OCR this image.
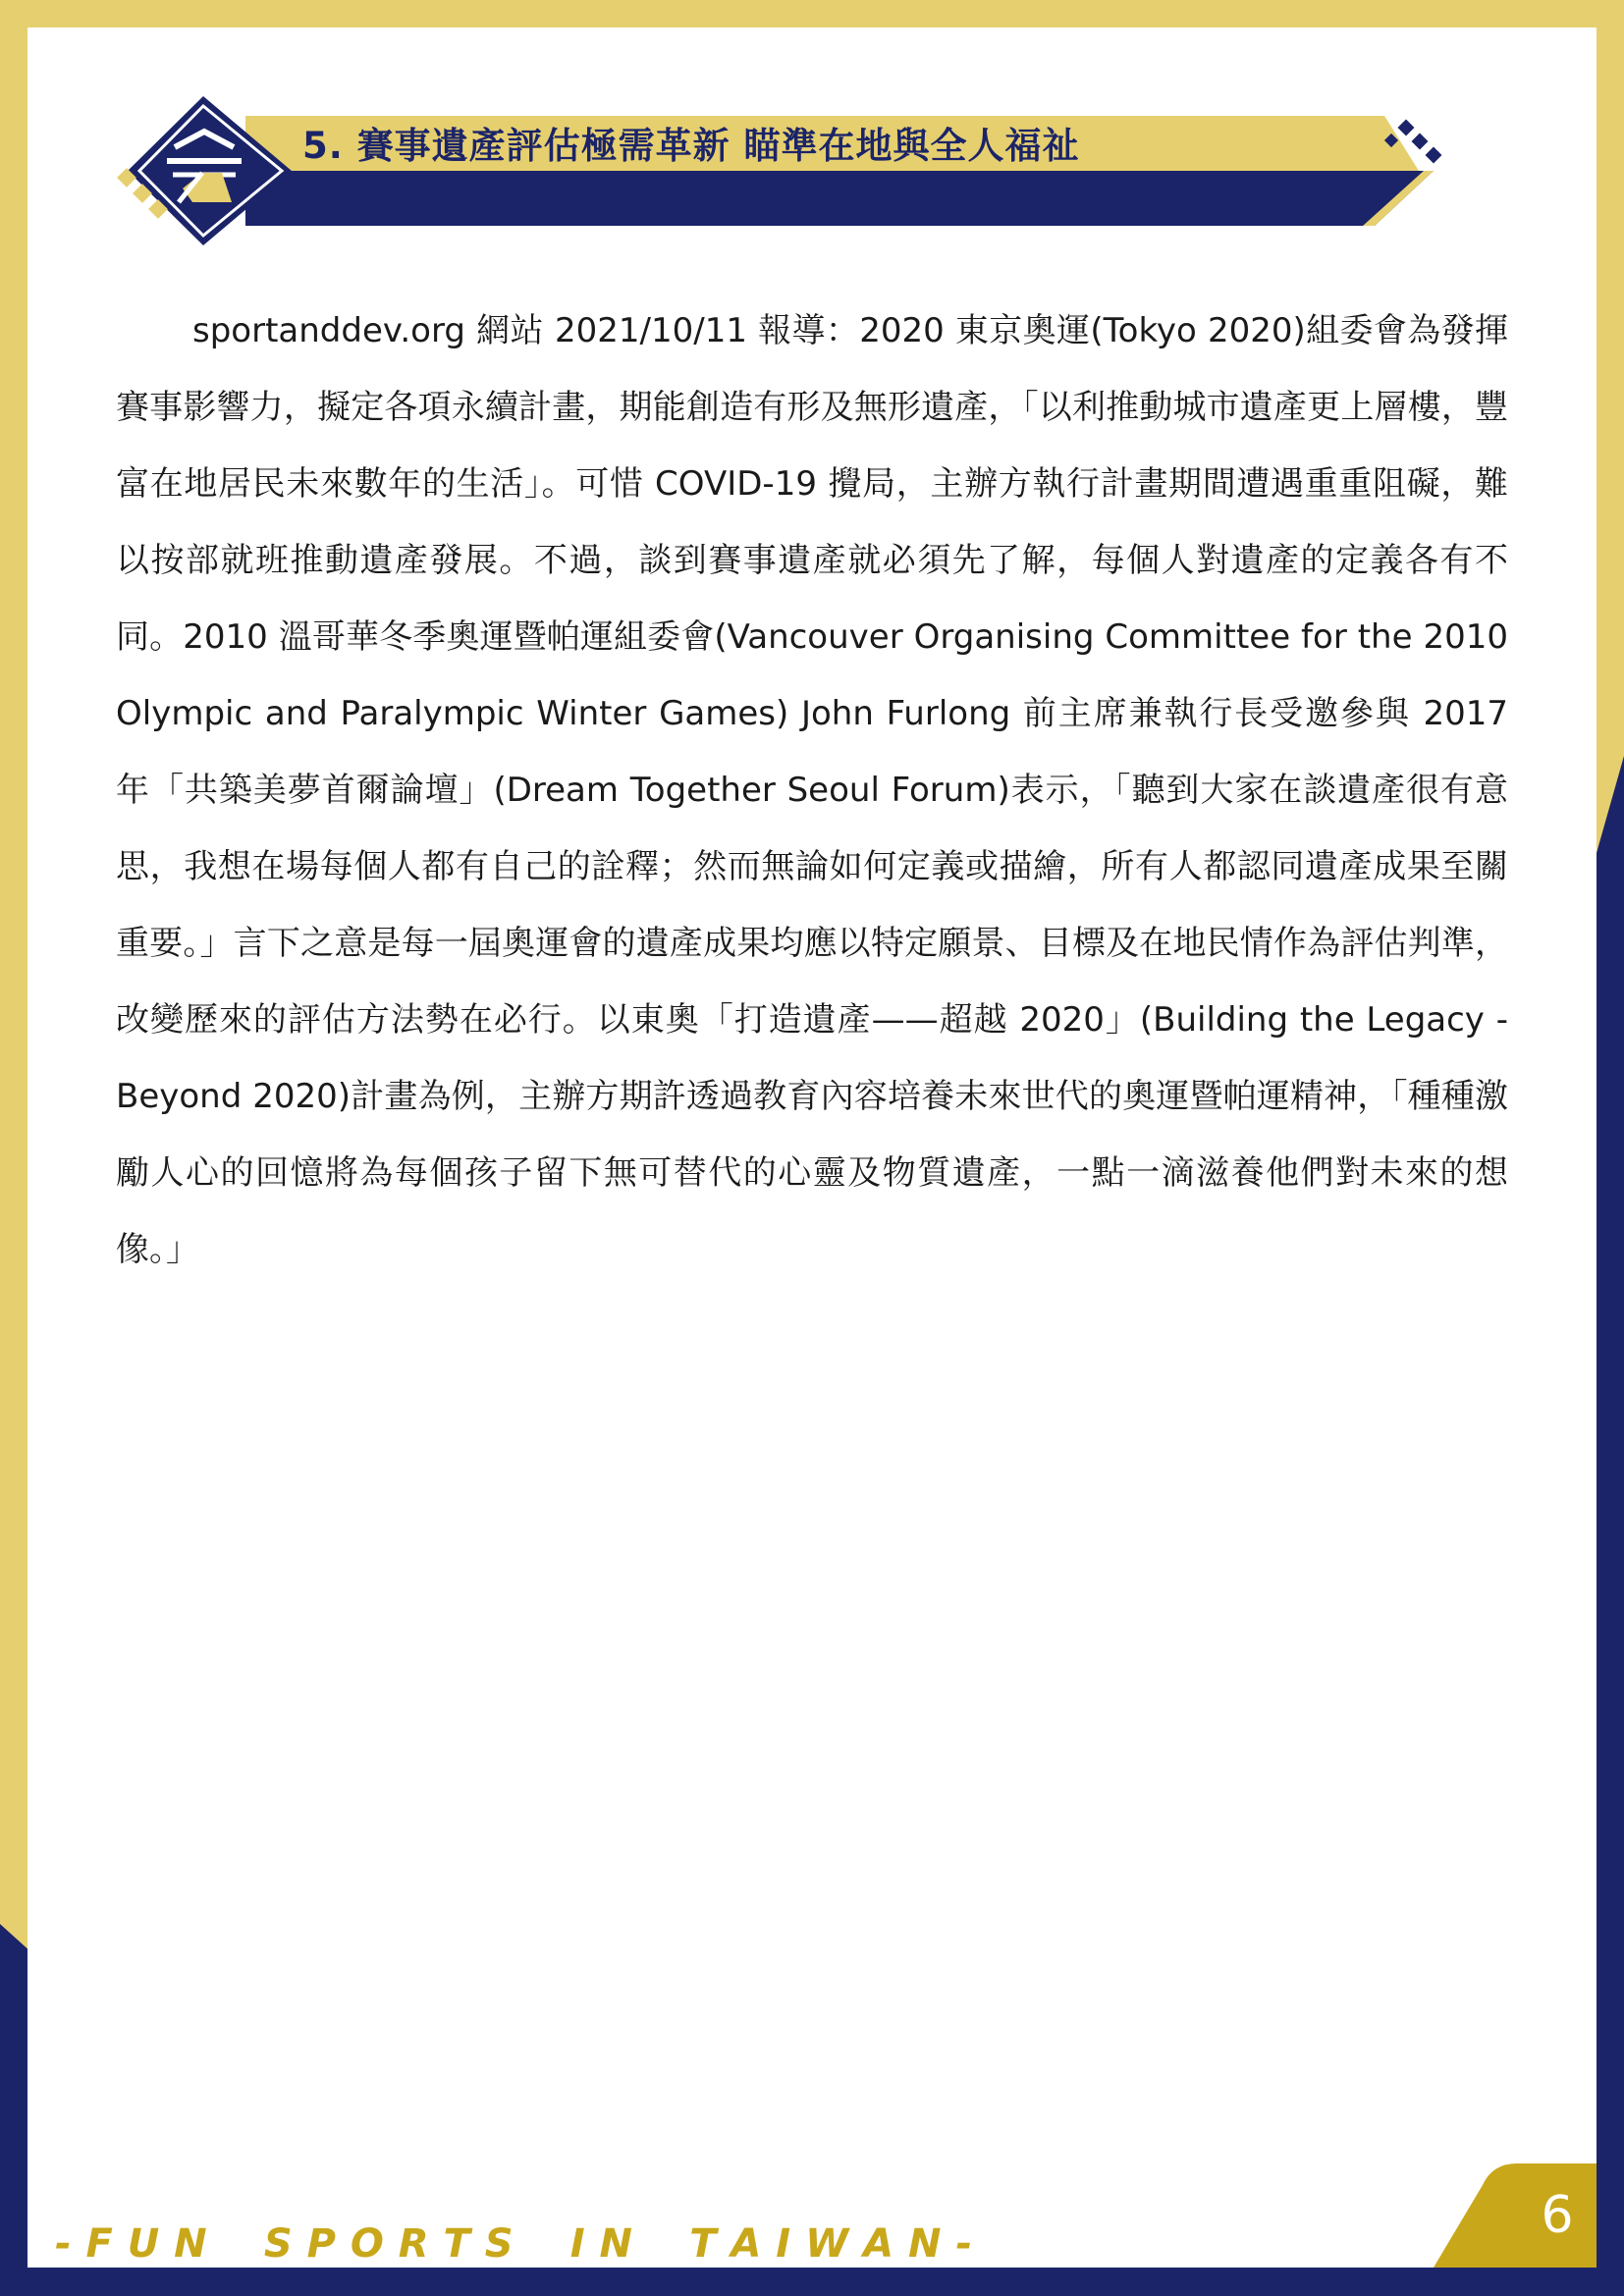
5. 賽事遺產評估極需革新 瞄準在地與全人福祉

sportanddev.org 網站 2021/10/11 報導：2020 東京奧運(Tokyo 2020)組委會為發揮賽事影響力，擬定各項永續計畫，期能創造有形及無形遺產，「以利推動城市遺產更上層樓，豐富在地居民未來數年的生活」。可惜 COVID-19 攪局，主辦方執行計畫期間遭遇重重阻礙，難以按部就班推動遺產發展。不過，談到賽事遺產就必須先了解，每個人對遺產的定義各有不同。2010 溫哥華冬季奧運暨帕運組委會(Vancouver Organising Committee for the 2010 Olympic and Paralympic Winter Games) John Furlong 前主席兼執行長受邀參與 2017 年「共築美夢首爾論壇」(Dream Together Seoul Forum)表示，「聽到大家在談遺產很有意思，我想在場每個人都有自己的詮釋；然而無論如何定義或描繪，所有人都認同遺產成果至關重要。」言下之意是每一屆奧運會的遺產成果均應以特定願景、目標及在地民情作為評估判準，改變歷來的評估方法勢在必行。以東奧「打造遺產——超越 2020」(Building the Legacy - Beyond 2020)計畫為例，主辦方期許透過教育內容培養未來世代的奧運暨帕運精神，「種種激勵人心的回憶將為每個孩子留下無可替代的心靈及物質遺產，一點一滴滋養他們對未來的想像。」

- F U N    S P O R T S    I N    T A I W A N -	6
